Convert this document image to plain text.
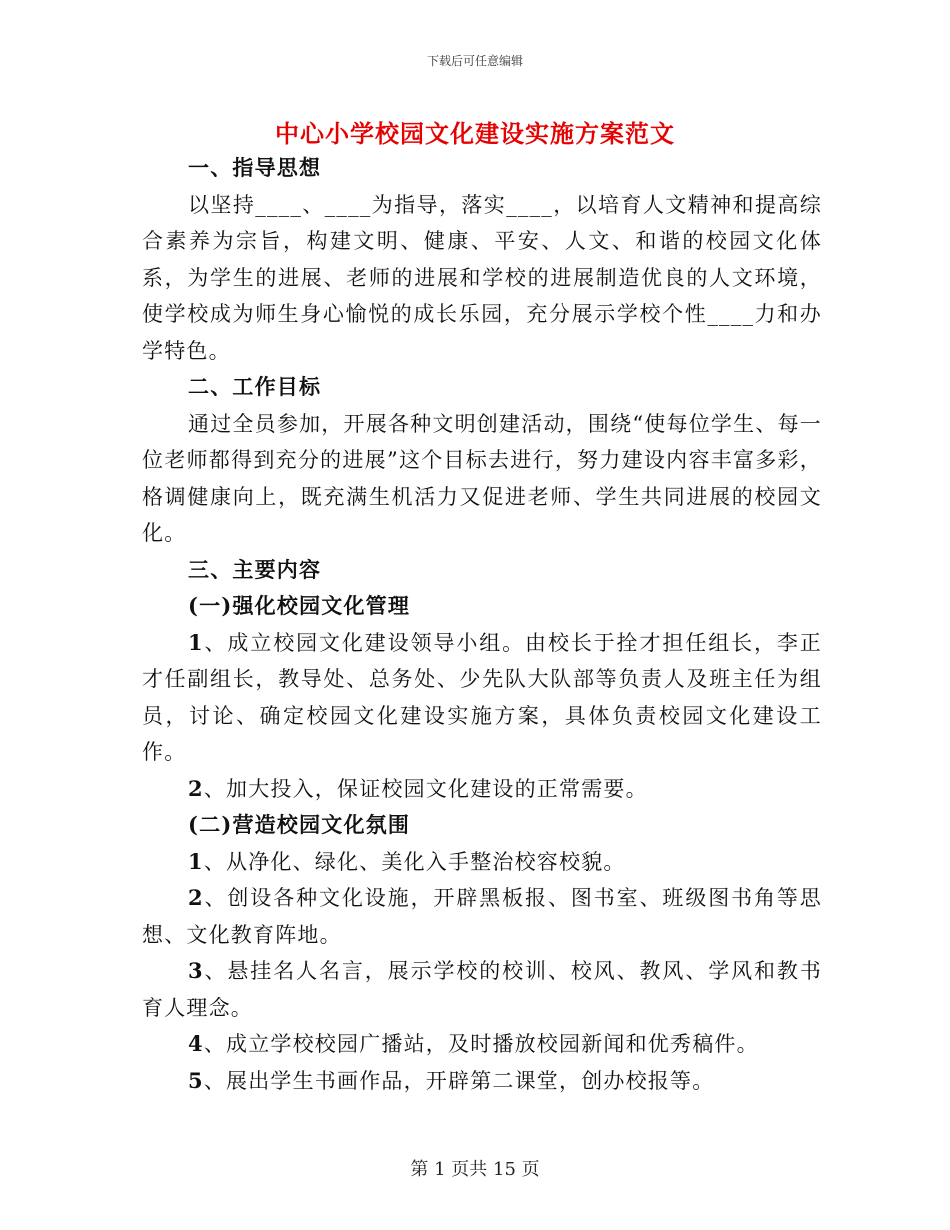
下载后可任意编辑
中心小学校园文化建设实施方案范文

一、指导思想

以坚持____、____为指导，落实____，以培育人文精神和提高综合素养为宗旨，构建文明、健康、平安、人文、和谐的校园文化体系，为学生的进展、老师的进展和学校的进展制造优良的人文环境，使学校成为师生身心愉悦的成长乐园，充分展示学校个性____力和办学特色。

二、工作目标

通过全员参加，开展各种文明创建活动，围绕“使每位学生、每一位老师都得到充分的进展”这个目标去进行，努力建设内容丰富多彩，格调健康向上，既充满生机活力又促进老师、学生共同进展的校园文化。

三、主要内容

(一)强化校园文化管理

1、成立校园文化建设领导小组。由校长于拴才担任组长，李正才任副组长，教导处、总务处、少先队大队部等负责人及班主任为组员，讨论、确定校园文化建设实施方案，具体负责校园文化建设工作。

2、加大投入，保证校园文化建设的正常需要。

(二)营造校园文化氛围

1、从净化、绿化、美化入手整治校容校貌。

2、创设各种文化设施，开辟黑板报、图书室、班级图书角等思想、文化教育阵地。

3、悬挂名人名言，展示学校的校训、校风、教风、学风和教书育人理念。

4、成立学校校园广播站，及时播放校园新闻和优秀稿件。

5、展出学生书画作品，开辟第二课堂，创办校报等。

第 1 页共 15 页
